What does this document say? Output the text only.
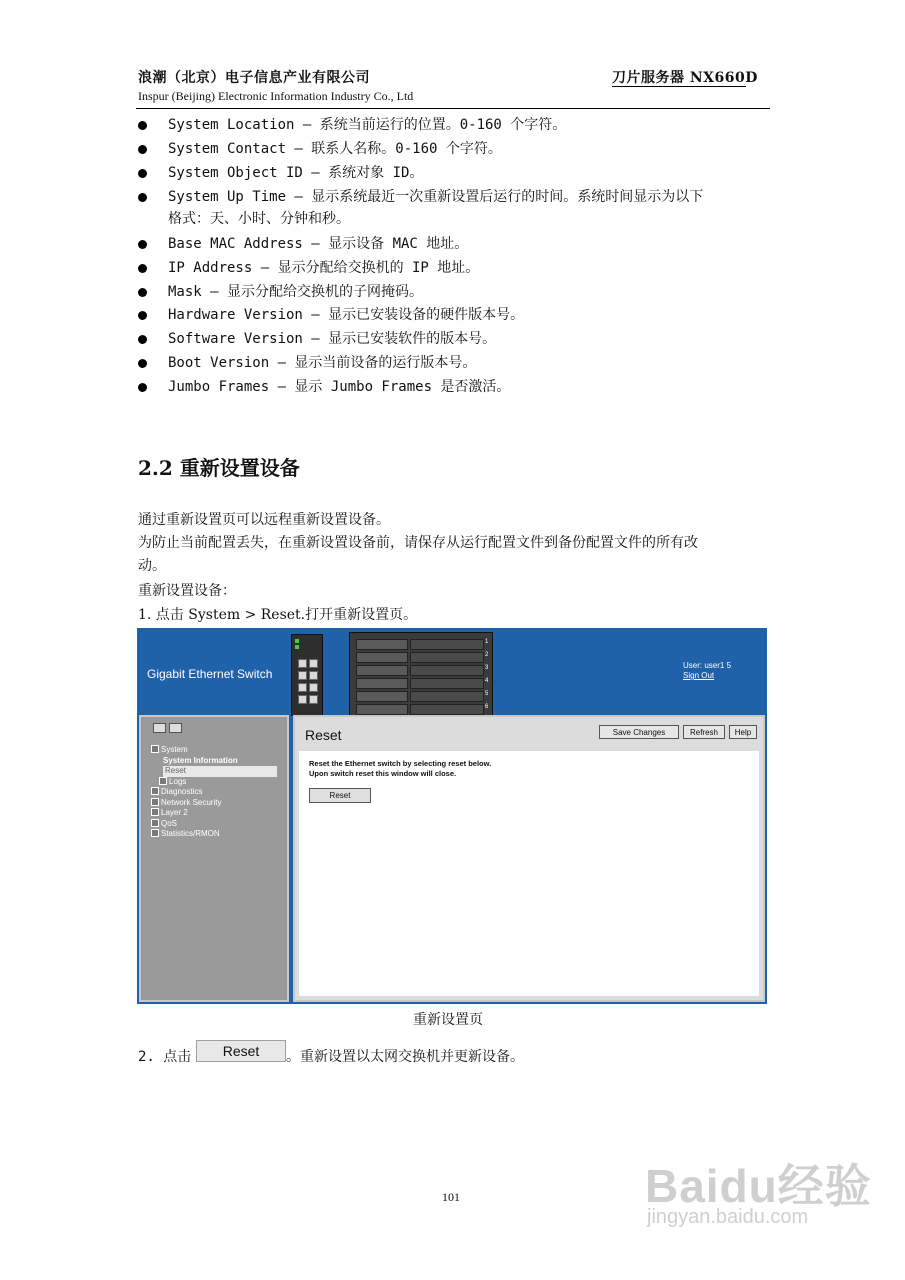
浪潮（北京）电子信息产业有限公司	刀片服务器 NX660D
Inspur (Beijing) Electronic Information Industry Co., Ltd
System Location — 系统当前运行的位置。0-160 个字符。
System Contact — 联系人名称。0-160 个字符。
System Object ID — 系统对象 ID。
System Up Time — 显示系统最近一次重新设置后运行的时间。系统时间显示为以下
格式：天、小时、分钟和秒。
Base MAC Address — 显示设备 MAC 地址。
IP Address — 显示分配给交换机的 IP 地址。
Mask — 显示分配给交换机的子网掩码。
Hardware Version — 显示已安装设备的硬件版本号。
Software Version — 显示已安装软件的版本号。
Boot Version — 显示当前设备的运行版本号。
Jumbo Frames — 显示 Jumbo Frames 是否激活。
2.2 重新设置设备
通过重新设置页可以远程重新设置设备。
为防止当前配置丢失，在重新设置设备前，请保存从运行配置文件到备份配置文件的所有改
动。
重新设置设备：
1. 点击 System > Reset.打开重新设置页。
Gigabit Ethernet Switch
1
2
3
4
5
6
User: user1 5
Sign Out
System
System Information
Reset
Logs
Diagnostics
Network Security
Layer 2
QoS
Statistics/RMON
Reset	Save Changes	Refresh	Help
Reset the Ethernet switch by selecting reset below.
Upon switch reset this window will close.
Reset
重新设置页
2. 点击	Reset	。重新设置以太网交换机并更新设备。
101	Baidu经验
jingyan.baidu.com
